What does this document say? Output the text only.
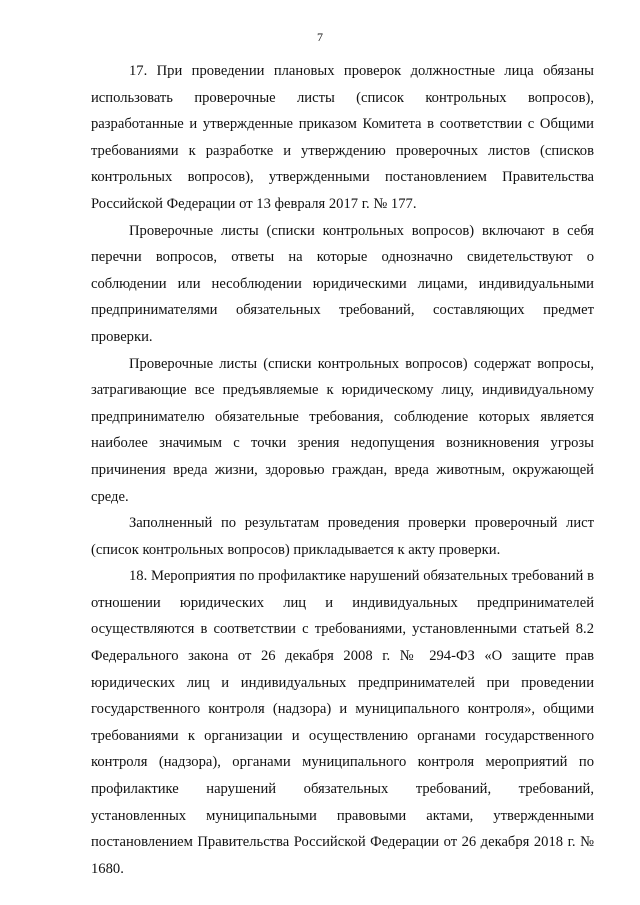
7

17. При проведении плановых проверок должностные лица обязаны использовать проверочные листы (список контрольных вопросов), разработанные и утвержденные приказом Комитета в соответствии с Общими требованиями к разработке и утверждению проверочных листов (списков контрольных вопросов), утвержденными постановлением Правительства Российской Федерации от 13 февраля 2017 г. № 177.

Проверочные листы (списки контрольных вопросов) включают в себя перечни вопросов, ответы на которые однозначно свидетельствуют о соблюдении или несоблюдении юридическими лицами, индивидуальными предпринимателями обязательных требований, составляющих предмет проверки.

Проверочные листы (списки контрольных вопросов) содержат вопросы, затрагивающие все предъявляемые к юридическому лицу, индивидуальному предпринимателю обязательные требования, соблюдение которых является наиболее значимым с точки зрения недопущения возникновения угрозы причинения вреда жизни, здоровью граждан, вреда животным, окружающей среде.

Заполненный по результатам проведения проверки проверочный лист (список контрольных вопросов) прикладывается к акту проверки.

18. Мероприятия по профилактике нарушений обязательных требований в отношении юридических лиц и индивидуальных предпринимателей осуществляются в соответствии с требованиями, установленными статьей 8.2 Федерального закона от 26 декабря 2008 г. № 294-ФЗ «О защите прав юридических лиц и индивидуальных предпринимателей при проведении государственного контроля (надзора) и муниципального контроля», общими требованиями к организации и осуществлению органами государственного контроля (надзора), органами муниципального контроля мероприятий по профилактике нарушений обязательных требований, требований, установленных муниципальными правовыми актами, утвержденными постановлением Правительства Российской Федерации от 26 декабря 2018 г. № 1680.
